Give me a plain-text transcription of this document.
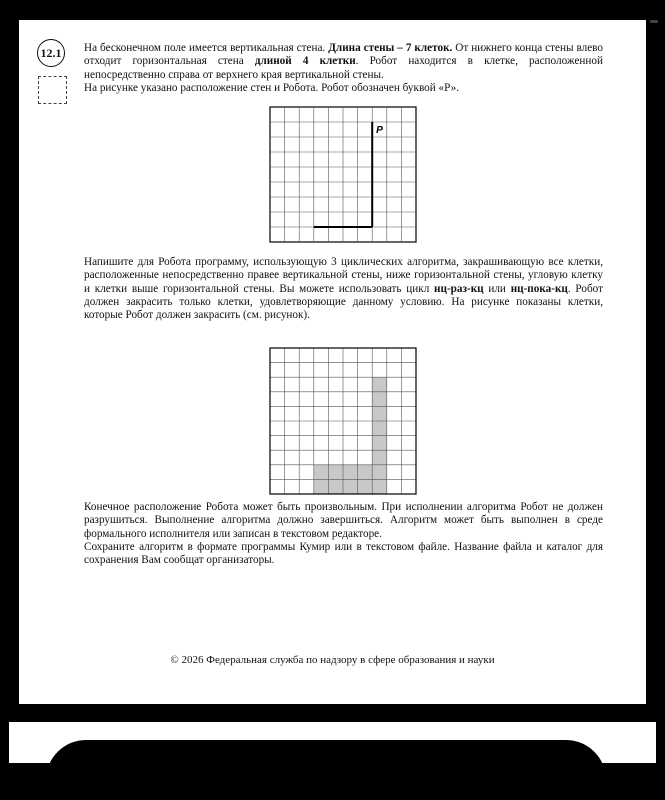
12.1	На бесконечном поле имеется вертикальная стена. Длина стены – 7 клеток. От нижнего конца стены влево отходит горизонтальная стена длиной 4 клетки. Робот находится в клетке, расположенной непосредственно справа от верхнего края вертикальной стены.
На рисунке указано расположение стен и Робота. Робот обозначен буквой «Р».
Р
Напишите для Робота программу, использующую 3 циклических алгоритма, закрашивающую все клетки, расположенные непосредственно правее вертикальной стены, ниже горизонтальной стены, угловую клетку и клетки выше горизонтальной стены. Вы можете использовать цикл нц-раз-кц или нц-пока-кц. Робот должен закрасить только клетки, удовлетворяющие данному условию. На рисунке показаны клетки, которые Робот должен закрасить (см. рисунок).
Конечное расположение Робота может быть произвольным. При исполнении алгоритма Робот не должен разрушиться. Выполнение алгоритма должно завершиться. Алгоритм может быть выполнен в среде формального исполнителя или записан в текстовом редакторе.
Сохраните алгоритм в формате программы Кумир или в текстовом файле. Название файла и каталог для сохранения Вам сообщат организаторы.
© 2026 Федеральная служба по надзору в сфере образования и науки
